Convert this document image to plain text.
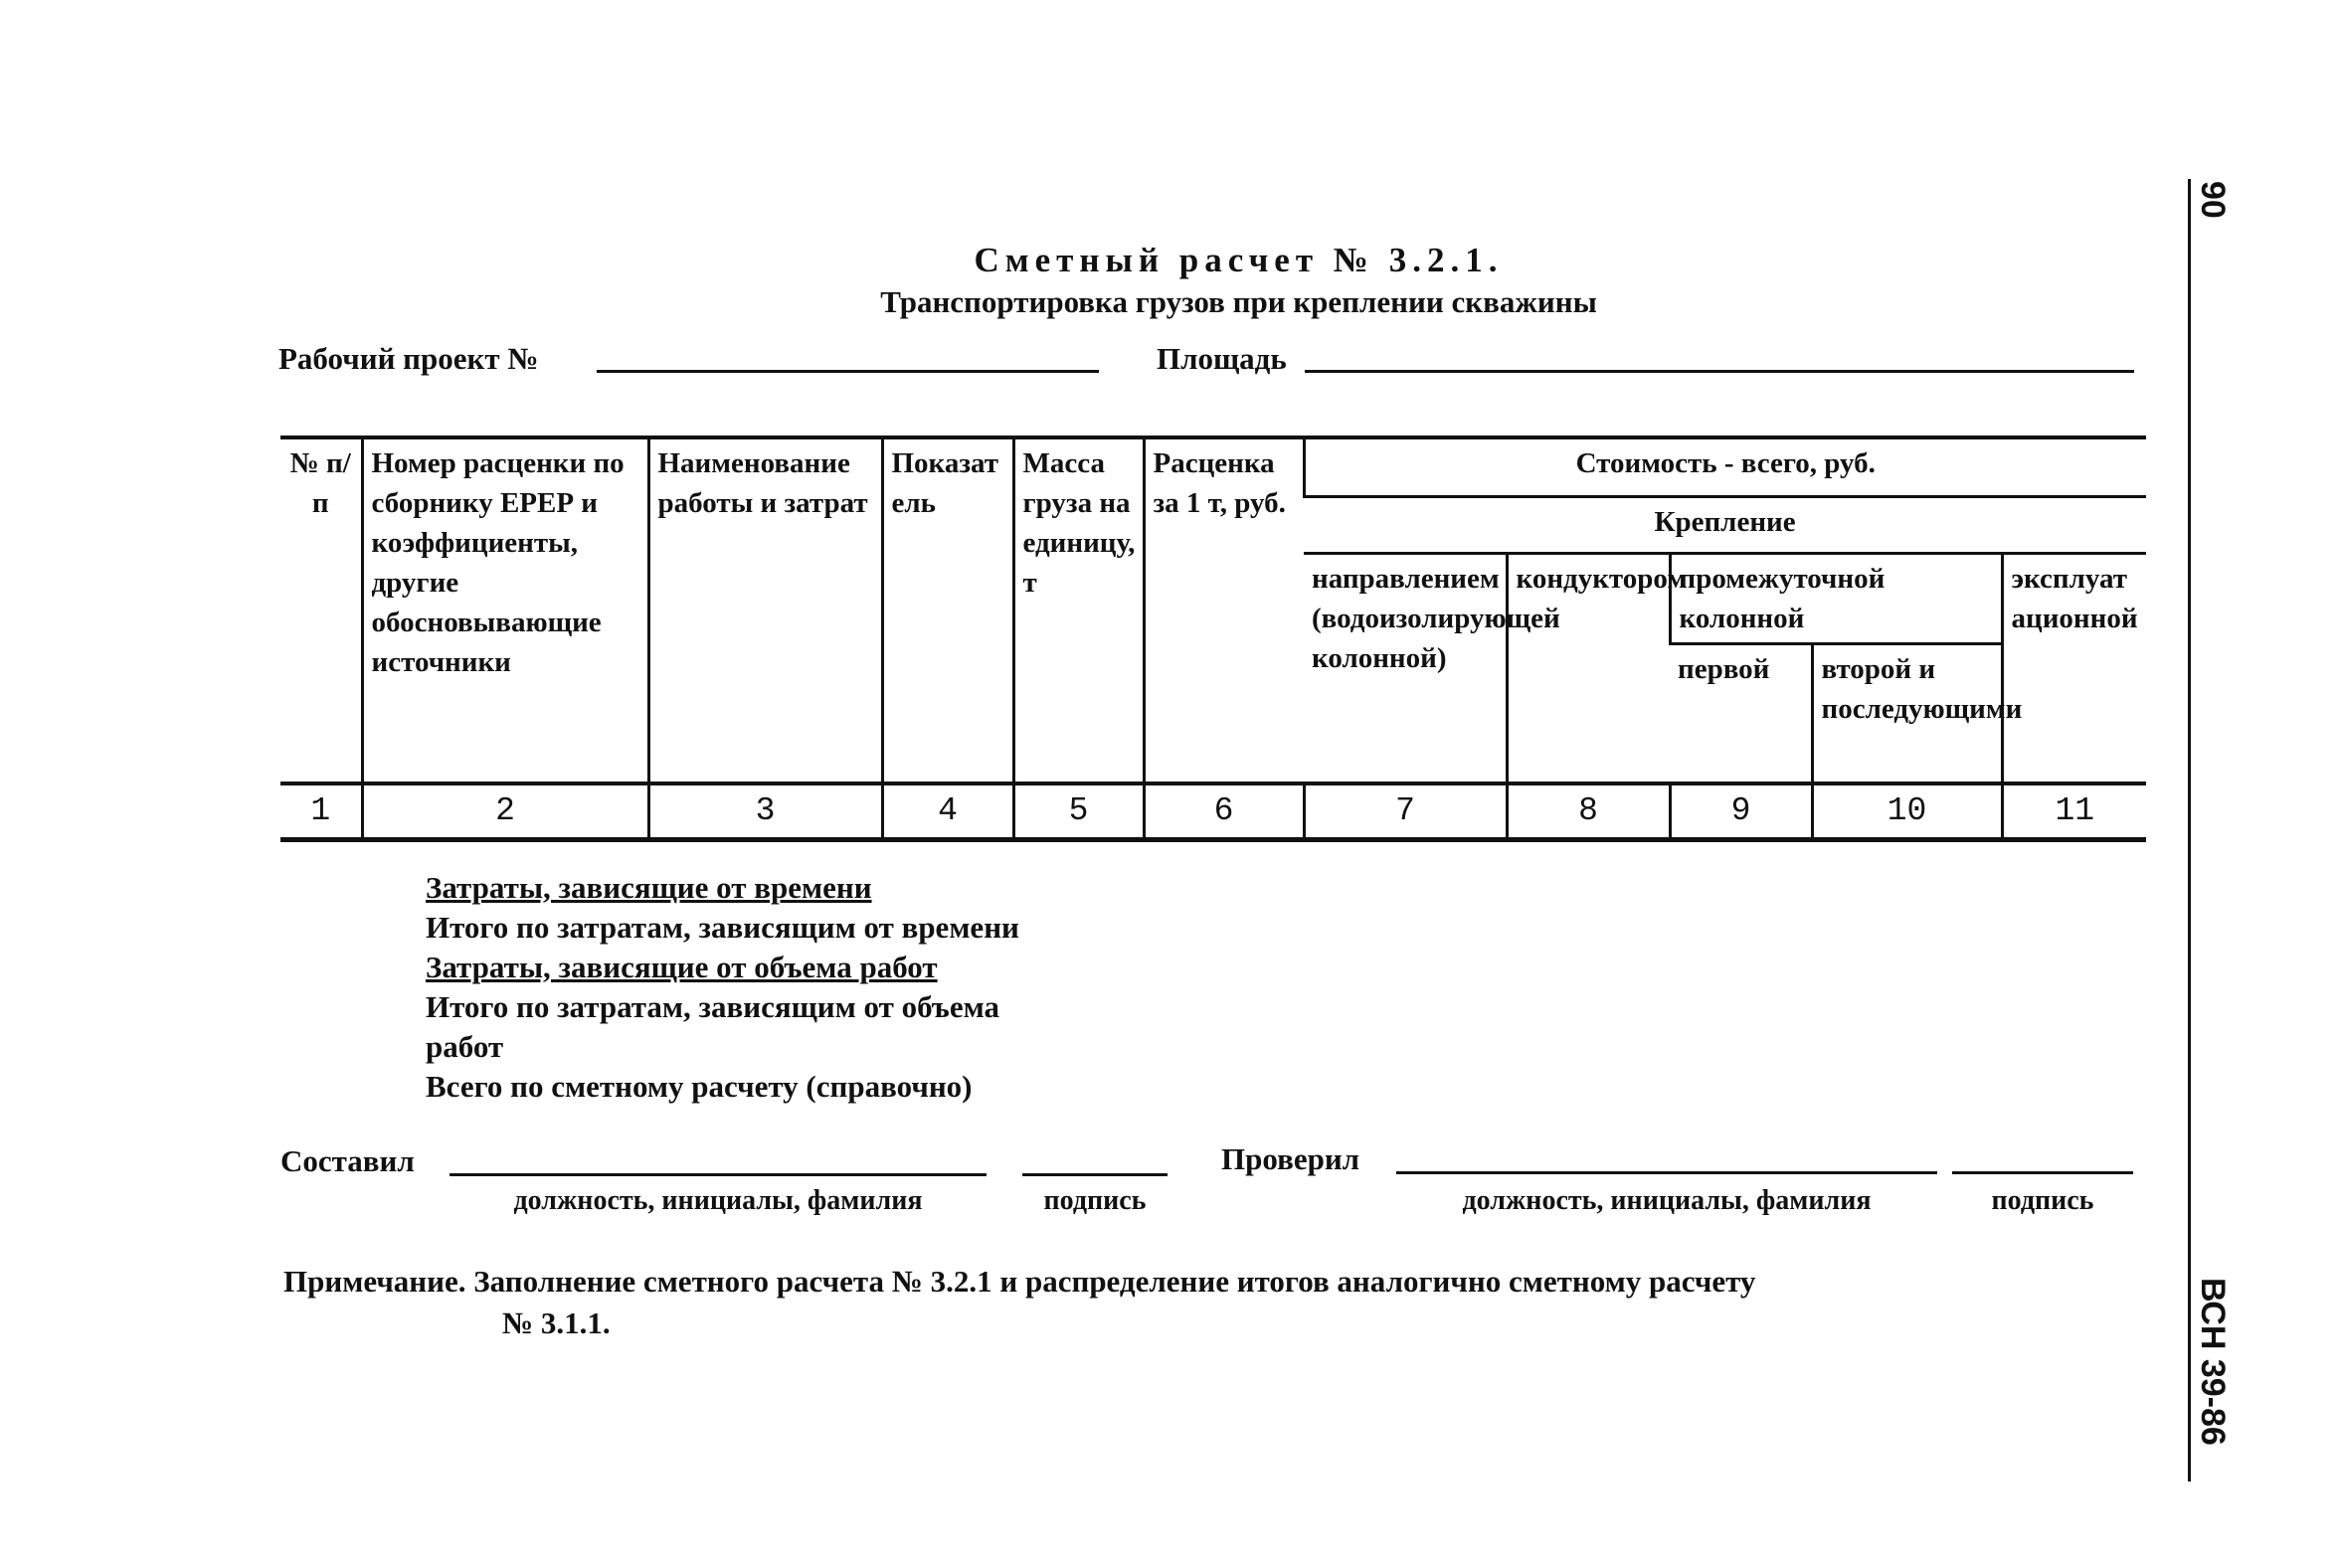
Сметный расчет № 3.2.1.
Транспортировка грузов при креплении скважины
Рабочий проект №	Площадь
№ п/п	Номер расценки по сборнику ЕРЕР и коэффициенты, другие обосновывающие источники	Наименование работы и затрат	Показатель	Масса груза на единицу, т	Расценка за 1 т, руб.	Стоимость - всего, руб.				
						Крепление				
						направлением (водоизолирующей колонной)	кондуктором	промежуточной колонной		эксплуатационной
								первой	второй и последующими	
1	2	3	4	5	6	7	8	9	10	11
Затраты, зависящие от времени
Итого по затратам, зависящим от времени
Затраты, зависящие от объема работ
Итого по затратам, зависящим от объема
работ
Всего по сметному расчету (справочно)
Составил
должность, инициалы, фамилия	подпись
Проверил
должность, инициалы, фамилия	подпись
Примечание. Заполнение сметного расчета № 3.2.1 и распределение итогов аналогично сметному расчету
№ 3.1.1.
90
ВСН 39-86
